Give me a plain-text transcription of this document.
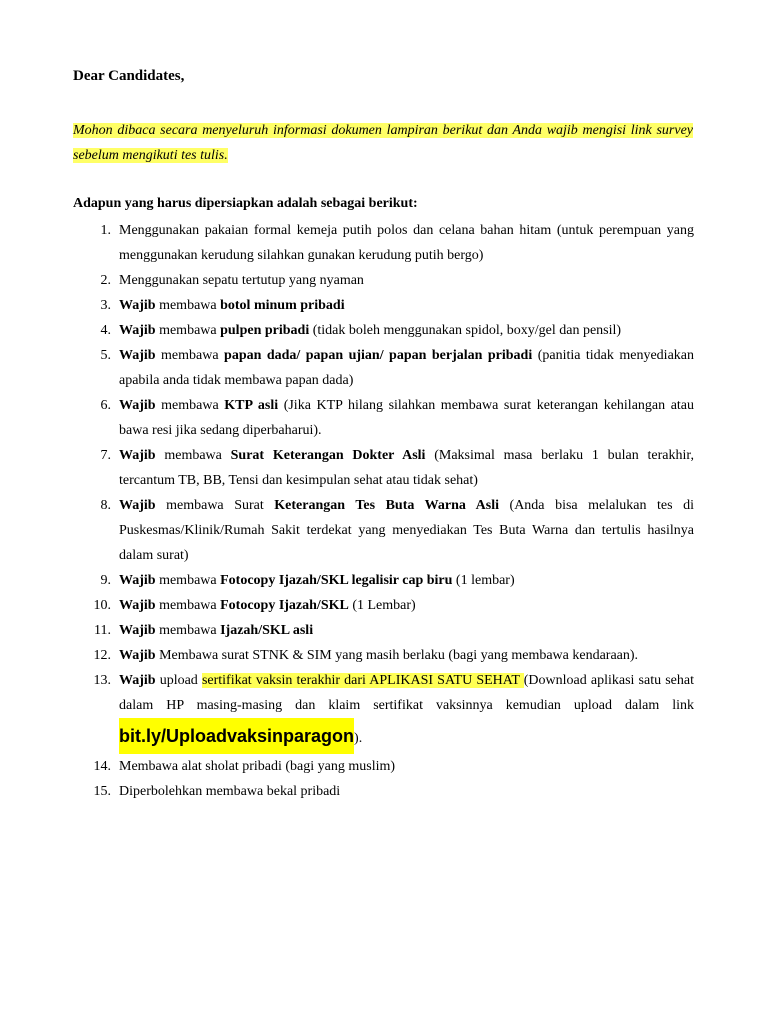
Dear Candidates,

Mohon dibaca secara menyeluruh informasi dokumen lampiran berikut dan Anda wajib mengisi link survey sebelum mengikuti tes tulis.

Adapun yang harus dipersiapkan adalah sebagai berikut:

1. Menggunakan pakaian formal kemeja putih polos dan celana bahan hitam (untuk perempuan yang menggunakan kerudung silahkan gunakan kerudung putih bergo)
2. Menggunakan sepatu tertutup yang nyaman
3. Wajib membawa botol minum pribadi
4. Wajib membawa pulpen pribadi (tidak boleh menggunakan spidol, boxy/gel dan pensil)
5. Wajib membawa papan dada/ papan ujian/ papan berjalan pribadi (panitia tidak menyediakan apabila anda tidak membawa papan dada)
6. Wajib membawa KTP asli (Jika KTP hilang silahkan membawa surat keterangan kehilangan atau bawa resi jika sedang diperbaharui).
7. Wajib membawa Surat Keterangan Dokter Asli (Maksimal masa berlaku 1 bulan terakhir, tercantum TB, BB, Tensi dan kesimpulan sehat atau tidak sehat)
8. Wajib membawa Surat Keterangan Tes Buta Warna Asli (Anda bisa melalukan tes di Puskesmas/Klinik/Rumah Sakit terdekat yang menyediakan Tes Buta Warna dan tertulis hasilnya dalam surat)
9. Wajib membawa Fotocopy Ijazah/SKL legalisir cap biru (1 lembar)
10. Wajib membawa Fotocopy Ijazah/SKL (1 Lembar)
11. Wajib membawa Ijazah/SKL asli
12. Wajib Membawa surat STNK & SIM yang masih berlaku (bagi yang membawa kendaraan).
13. Wajib upload sertifikat vaksin terakhir dari APLIKASI SATU SEHAT (Download aplikasi satu sehat dalam HP masing-masing dan klaim sertifikat vaksinnya kemudian upload dalam link bit.ly/Uploadvaksinparagon).
14. Membawa alat sholat pribadi (bagi yang muslim)
15. Diperbolehkan membawa bekal pribadi
